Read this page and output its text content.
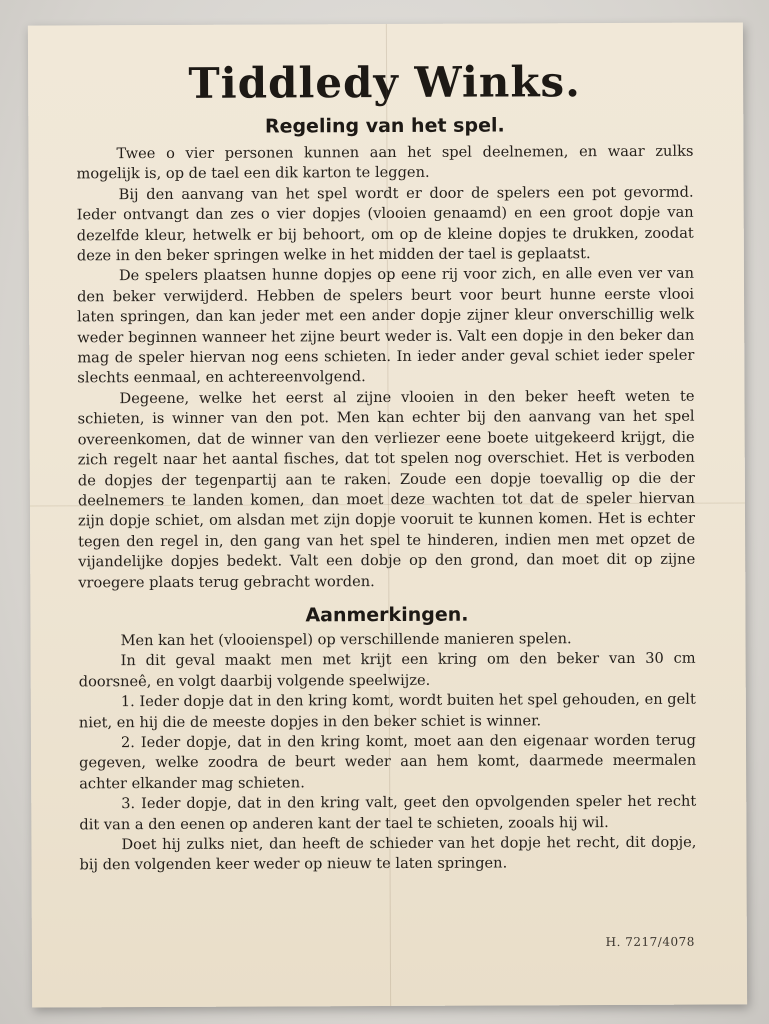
Tiddledy Winks.
Regeling van het spel.

Twee o vier personen kunnen aan het spel deelnemen, en waar zulks mogelijk is, op de tael een dik karton te leggen.

Bij den aanvang van het spel wordt er door de spelers een pot gevormd. Ieder ontvangt dan zes o vier dopjes (vlooien genaamd) en een groot dopje van dezelfde kleur, hetwelk er bij behoort, om op de kleine dopjes te drukken, zoodat deze in den beker springen welke in het midden der tael is geplaatst.

De spelers plaatsen hunne dopjes op eene rij voor zich, en alle even ver van den beker verwijderd. Hebben de spelers beurt voor beurt hunne eerste vlooi laten springen, dan kan jeder met een ander dopje zijner kleur onverschillig welk weder beginnen wanneer het zijne beurt weder is. Valt een dopje in den beker dan mag de speler hiervan nog eens schieten. In ieder ander geval schiet ieder speler slechts eenmaal, en achtereenvolgend.

Degeene, welke het eerst al zijne vlooien in den beker heeft weten te schieten, is winner van den pot. Men kan echter bij den aanvang van het spel overeenkomen, dat de winner van den verliezer eene boete uitgekeerd krijgt, die zich regelt naar het aantal fisches, dat tot spelen nog overschiet. Het is verboden de dopjes der tegenpartij aan te raken. Zoude een dopje toevallig op die der deelnemers te landen komen, dan moet deze wachten tot dat de speler hiervan zijn dopje schiet, om alsdan met zijn dopje vooruit te kunnen komen. Het is echter tegen den regel in, den gang van het spel te hinderen, indien men met opzet de vijandelijke dopjes bedekt. Valt een dobje op den grond, dan moet dit op zijne vroegere plaats terug gebracht worden.

Aanmerkingen.

Men kan het (vlooienspel) op verschillende manieren spelen.

In dit geval maakt men met krijt een kring om den beker van 30 cm doorsneê, en volgt daarbij volgende speelwijze.

1. Ieder dopje dat in den kring komt, wordt buiten het spel gehouden, en gelt niet, en hij die de meeste dopjes in den beker schiet is winner.

2. Ieder dopje, dat in den kring komt, moet aan den eigenaar worden terug gegeven, welke zoodra de beurt weder aan hem komt, daarmede meermalen achter elkander mag schieten.

3. Ieder dopje, dat in den kring valt, geet den opvolgenden speler het recht dit van a den eenen op anderen kant der tael te schieten, zooals hij wil.

Doet hij zulks niet, dan heeft de schieder van het dopje het recht, dit dopje, bij den volgenden keer weder op nieuw te laten springen.

H. 7217/4078
